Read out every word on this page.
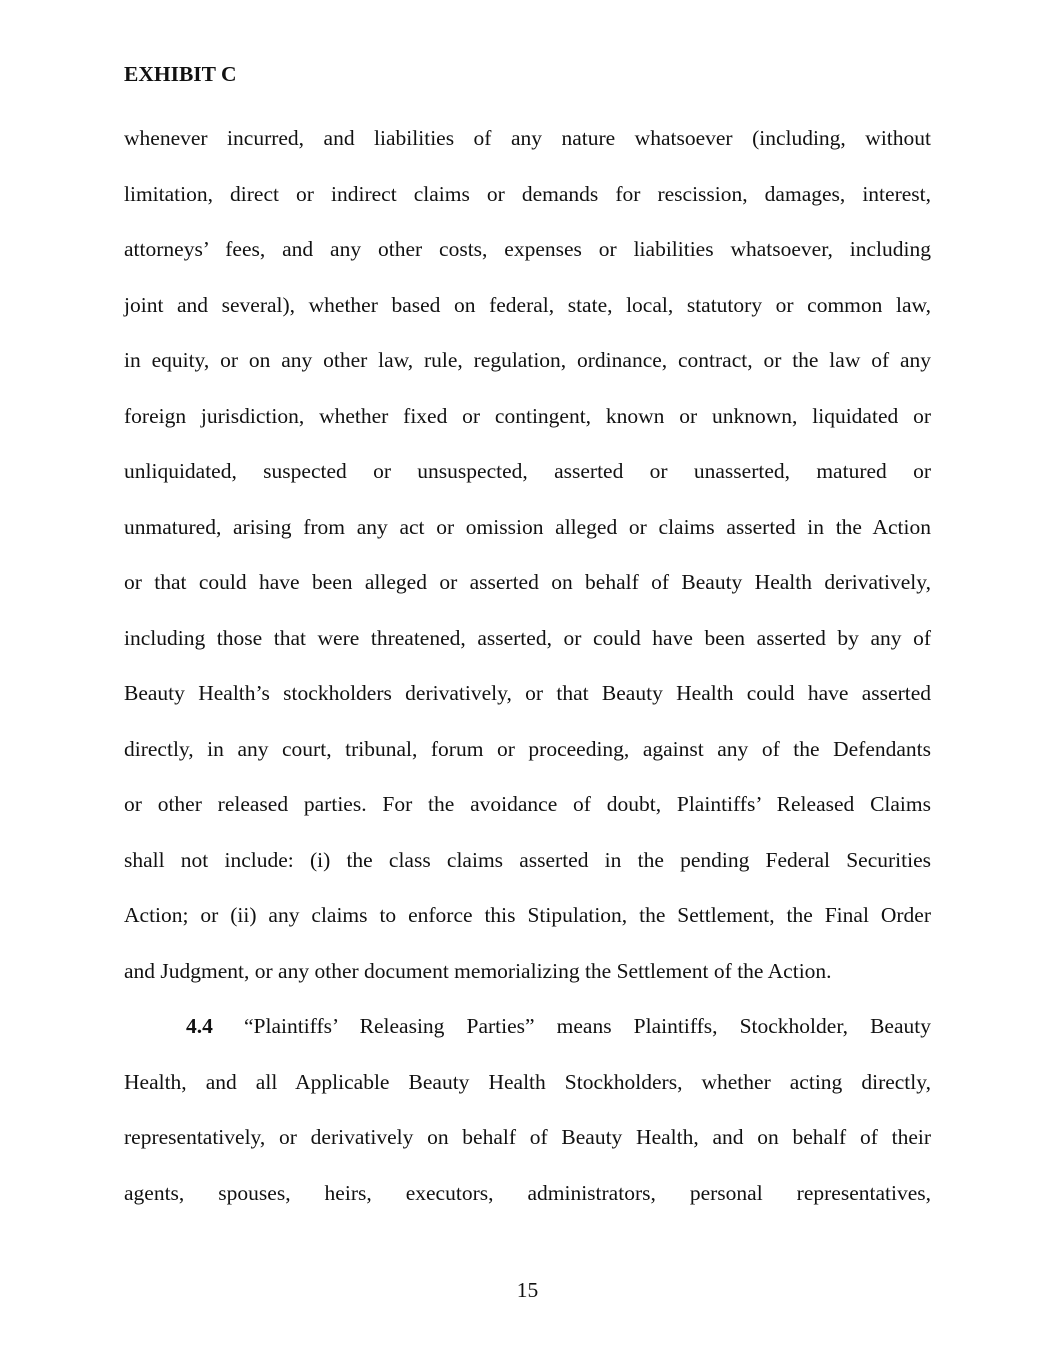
EXHIBIT C
whenever incurred, and liabilities of any nature whatsoever (including, without
limitation, direct or indirect claims or demands for rescission, damages, interest,
attorneys’ fees, and any other costs, expenses or liabilities whatsoever, including
joint and several), whether based on federal, state, local, statutory or common law,
in equity, or on any other law, rule, regulation, ordinance, contract, or the law of any
foreign jurisdiction, whether fixed or contingent, known or unknown, liquidated or
unliquidated, suspected or unsuspected, asserted or unasserted, matured or
unmatured, arising from any act or omission alleged or claims asserted in the Action
or that could have been alleged or asserted on behalf of Beauty Health derivatively,
including those that were threatened, asserted, or could have been asserted by any of
Beauty Health’s stockholders derivatively, or that Beauty Health could have asserted
directly, in any court, tribunal, forum or proceeding, against any of the Defendants
or other released parties. For the avoidance of doubt, Plaintiffs’ Released Claims
shall not include: (i) the class claims asserted in the pending Federal Securities
Action; or (ii) any claims to enforce this Stipulation, the Settlement, the Final Order
and Judgment, or any other document memorializing the Settlement of the Action.
4.4 “Plaintiffs’ Releasing Parties” means Plaintiffs, Stockholder, Beauty
Health, and all Applicable Beauty Health Stockholders, whether acting directly,
representatively, or derivatively on behalf of Beauty Health, and on behalf of their
agents, spouses, heirs, executors, administrators, personal representatives,
15
